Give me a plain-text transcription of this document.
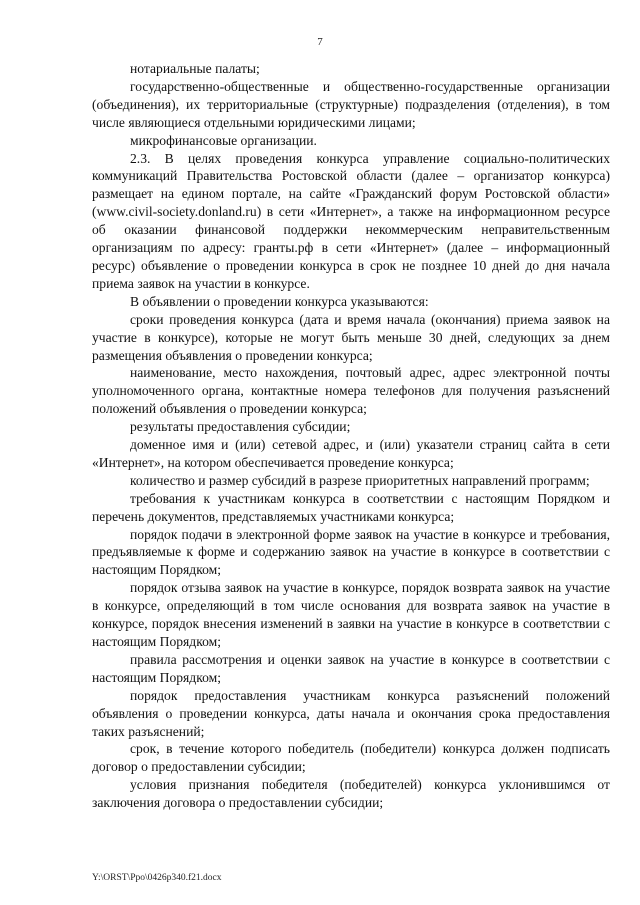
7

нотариальные палаты;

государственно-общественные и общественно-государственные организации (объединения), их территориальные (структурные) подразделения (отделения), в том числе являющиеся отдельными юридическими лицами;

микрофинансовые организации.

2.3. В целях проведения конкурса управление социально-политических коммуникаций Правительства Ростовской области (далее – организатор конкурса) размещает на едином портале, на сайте «Гражданский форум Ростовской области» (www.civil-society.donland.ru) в сети «Интернет», а также на информационном ресурсе об оказании финансовой поддержки некоммерческим неправительственным организациям по адресу: гранты.рф в сети «Интернет» (далее – информационный ресурс) объявление о проведении конкурса в срок не позднее 10 дней до дня начала приема заявок на участии в конкурсе.

В объявлении о проведении конкурса указываются:

сроки проведения конкурса (дата и время начала (окончания) приема заявок на участие в конкурсе), которые не могут быть меньше 30 дней, следующих за днем размещения объявления о проведении конкурса;

наименование, место нахождения, почтовый адрес, адрес электронной почты уполномоченного органа, контактные номера телефонов для получения разъяснений положений объявления о проведении конкурса;

результаты предоставления субсидии;

доменное имя и (или) сетевой адрес, и (или) указатели страниц сайта в сети «Интернет», на котором обеспечивается проведение конкурса;

количество и размер субсидий в разрезе приоритетных направлений программ;

требования к участникам конкурса в соответствии с настоящим Порядком и перечень документов, представляемых участниками конкурса;

порядок подачи в электронной форме заявок на участие в конкурсе и требования, предъявляемые к форме и содержанию заявок на участие в конкурсе в соответствии с настоящим Порядком;

порядок отзыва заявок на участие в конкурсе, порядок возврата заявок на участие в конкурсе, определяющий в том числе основания для возврата заявок на участие в конкурсе, порядок внесения изменений в заявки на участие в конкурсе в соответствии с настоящим Порядком;

правила рассмотрения и оценки заявок на участие в конкурсе в соответствии с настоящим Порядком;

порядок предоставления участникам конкурса разъяснений положений объявления о проведении конкурса, даты начала и окончания срока предоставления таких разъяснений;

срок, в течение которого победитель (победители) конкурса должен подписать договор о предоставлении субсидии;

условия признания победителя (победителей) конкурса уклонившимся от заключения договора о предоставлении субсидии;

Y:\ORST\Ppo\0426p340.f21.docx
